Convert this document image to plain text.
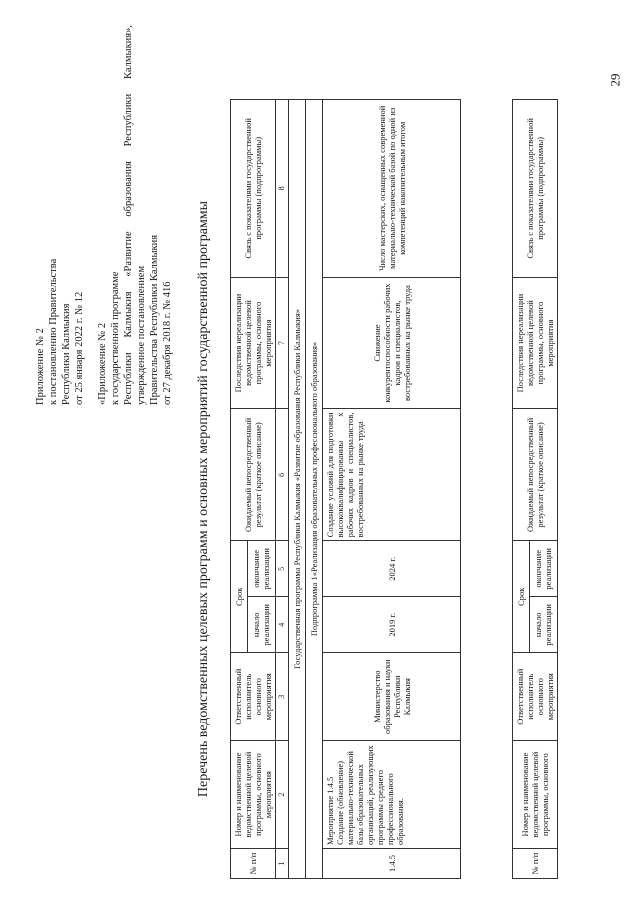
29
Приложение № 2 к постановлению Правительства Республики Калмыкия от 25 января 2022 г. № 12 «Приложение № 2 к государственной программе Республики Калмыкия «Развитие образования Республики Калмыкия», утвержденное постановлением Правительства Республики Калмыкия от 27 декабря 2018 г. № 416 Перечень ведомственных целевых программ и основных мероприятий государственной программы
№ п/п	Номер и наименование ведомственной целевой программы, основного мероприятия	Ответственный исполнитель основного мероприятия	Срок		Ожидаемый непосредственный результат (краткое описание)	Последствия нереализации ведомственной целевой программы, основного мероприятия	Связь с показателями государственной программы (подпрограммы)
			начало реализации	окончание реализации			
1	2	3	4	5	6	7	8
Государственная программа Республики Калмыкия «Развитие образования Республики Калмыкия»							
Подпрограмма 1«Реализация образовательных профессионального образования»							
1.4.5	Мероприятие 1.4.5 Создание (обновление) материально-технической базы образовательных организаций, реализующих программы среднего профессионального образования.	Министерство образования и науки Республики Калмыкия	2019 г.	2024 г.	Создание условий для подготовки высококвалифицированны х рабочих кадров и специалистов, востребованных на рынке труда	Снижение конкурентоспособности рабочих кадров и специалистов, востребованных на рынке труда	Число мастерских, оснащенных современной материально-технической базой по одной из компетенций накопительным итогом
№ п/п	Номер и наименование ведомственной целевой программы, основного	Ответственный исполнитель основного мероприятия	Срок		Ожидаемый непосредственный результат (краткое описание)	Последствия нереализации ведомственной целевой программы, основного мероприятия	Связь с показателями государственной программы (подпрограммы)
			начало реализации	окончание реализации			
